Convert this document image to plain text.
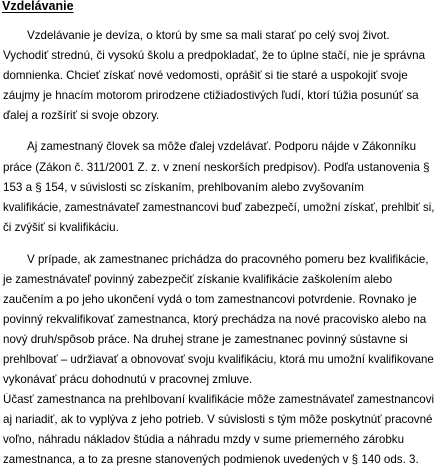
Vzdelávanie

Vzdelávanie je devíza, o ktorú by sme sa mali starať po celý svoj život.

Vychodiť strednú, či vysokú školu a predpokladať, že to úplne stačí, nie je správna

domnienka. Chcieť získať nové vedomosti, oprášiť si tie staré a uspokojiť svoje

záujmy je hnacím motorom prirodzene ctižiadostivých ľudí, ktorí túžia posunúť sa

ďalej a rozšíriť si svoje obzory.

Aj zamestnaný človek sa môže ďalej vzdelávať. Podporu nájde v Zákonníku

práce (Zákon č. 311/2001 Z. z. v znení neskorších predpisov). Podľa ustanovenia §

153 a § 154, v súvislosti sc získaním, prehlbovaním alebo zvyšovaním

kvalifikácie, zamestnávateľ zamestnancovi buď zabezpečí, umožní získať, prehĺbiť si,

či zvýšiť si kvalifikáciu.

V prípade, ak zamestnanec prichádza do pracovného pomeru bez kvalifikácie,

je zamestnávateľ povinný zabezpečiť získanie kvalifikácie zaškolením alebo

zaučením a po jeho ukončení vydá o tom zamestnancovi potvrdenie. Rovnako je

povinný rekvalifikovať zamestnanca, ktorý prechádza na nové pracovisko alebo na

nový druh/spôsob práce. Na druhej strane je zamestnanec povinný sústavne si

prehlbovať – udržiavať a obnovovať svoju kvalifikáciu, ktorá mu umožní kvalifikovane

vykonávať prácu dohodnutú v pracovnej zmluve.

Účasť zamestnanca na prehlbovaní kvalifikácie môže zamestnávateľ zamestnancovi

aj nariadiť, ak to vyplýva z jeho potrieb. V súvislosti s tým môže poskytnúť pracovné

voľno, náhradu nákladov štúdia a náhradu mzdy v sume priemerného zárobku

zamestnanca, a to za presne stanovených podmienok uvedených v § 140 ods. 3.
